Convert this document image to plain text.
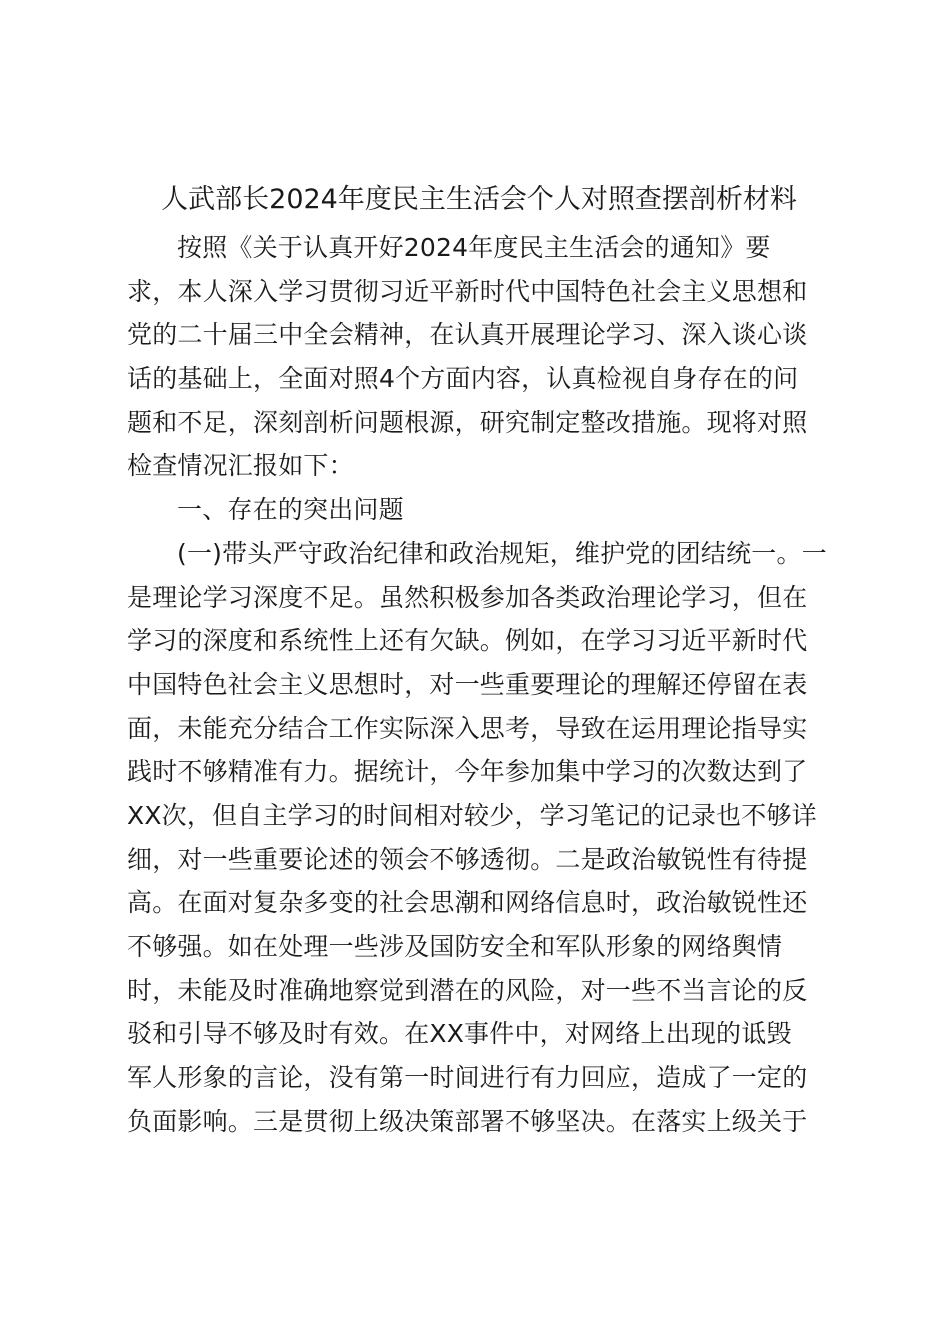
人武部长2024年度民主生活会个人对照查摆剖析材料
按照《关于认真开好2024年度民主生活会的通知》要
求，本人深入学习贯彻习近平新时代中国特色社会主义思想和
党的二十届三中全会精神，在认真开展理论学习、深入谈心谈
话的基础上，全面对照4个方面内容，认真检视自身存在的问
题和不足，深刻剖析问题根源，研究制定整改措施。现将对照
检查情况汇报如下：
一、存在的突出问题
(一)带头严守政治纪律和政治规矩，维护党的团结统一。一
是理论学习深度不足。虽然积极参加各类政治理论学习，但在
学习的深度和系统性上还有欠缺。例如，在学习习近平新时代
中国特色社会主义思想时，对一些重要理论的理解还停留在表
面，未能充分结合工作实际深入思考，导致在运用理论指导实
践时不够精准有力。据统计，今年参加集中学习的次数达到了
XX次，但自主学习的时间相对较少，学习笔记的记录也不够详
细，对一些重要论述的领会不够透彻。二是政治敏锐性有待提
高。在面对复杂多变的社会思潮和网络信息时，政治敏锐性还
不够强。如在处理一些涉及国防安全和军队形象的网络舆情
时，未能及时准确地察觉到潜在的风险，对一些不当言论的反
驳和引导不够及时有效。在XX事件中，对网络上出现的诋毁
军人形象的言论，没有第一时间进行有力回应，造成了一定的
负面影响。三是贯彻上级决策部署不够坚决。在落实上级关于
